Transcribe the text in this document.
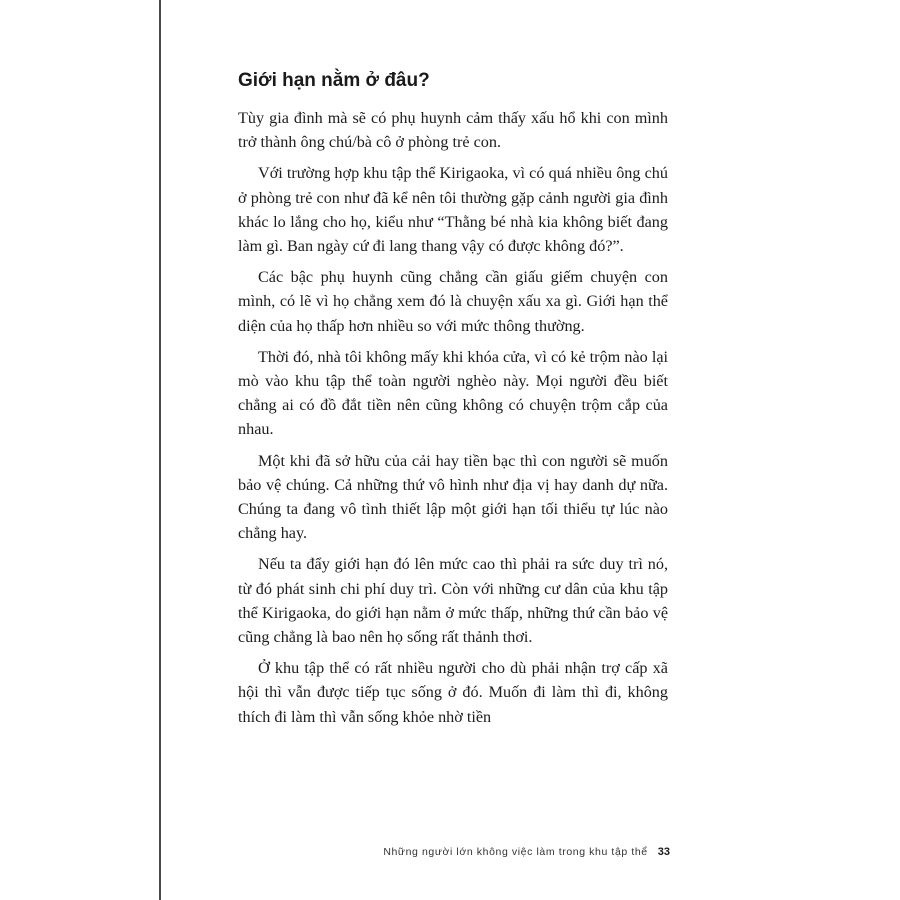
Giới hạn nằm ở đâu?

Tùy gia đình mà sẽ có phụ huynh cảm thấy xấu hổ khi con mình trở thành ông chú/bà cô ở phòng trẻ con.

Với trường hợp khu tập thể Kirigaoka, vì có quá nhiều ông chú ở phòng trẻ con như đã kể nên tôi thường gặp cảnh người gia đình khác lo lắng cho họ, kiểu như “Thằng bé nhà kia không biết đang làm gì. Ban ngày cứ đi lang thang vậy có được không đó?”.

Các bậc phụ huynh cũng chẳng cần giấu giếm chuyện con mình, có lẽ vì họ chẳng xem đó là chuyện xấu xa gì. Giới hạn thể diện của họ thấp hơn nhiều so với mức thông thường.

Thời đó, nhà tôi không mấy khi khóa cửa, vì có kẻ trộm nào lại mò vào khu tập thể toàn người nghèo này. Mọi người đều biết chẳng ai có đồ đắt tiền nên cũng không có chuyện trộm cắp của nhau.

Một khi đã sở hữu của cải hay tiền bạc thì con người sẽ muốn bảo vệ chúng. Cả những thứ vô hình như địa vị hay danh dự nữa. Chúng ta đang vô tình thiết lập một giới hạn tối thiểu tự lúc nào chẳng hay.

Nếu ta đẩy giới hạn đó lên mức cao thì phải ra sức duy trì nó, từ đó phát sinh chi phí duy trì. Còn với những cư dân của khu tập thể Kirigaoka, do giới hạn nằm ở mức thấp, những thứ cần bảo vệ cũng chẳng là bao nên họ sống rất thảnh thơi.

Ở khu tập thể có rất nhiều người cho dù phải nhận trợ cấp xã hội thì vẫn được tiếp tục sống ở đó. Muốn đi làm thì đi, không thích đi làm thì vẫn sống khỏe nhờ tiền

Những người lớn không việc làm trong khu tập thể 33
